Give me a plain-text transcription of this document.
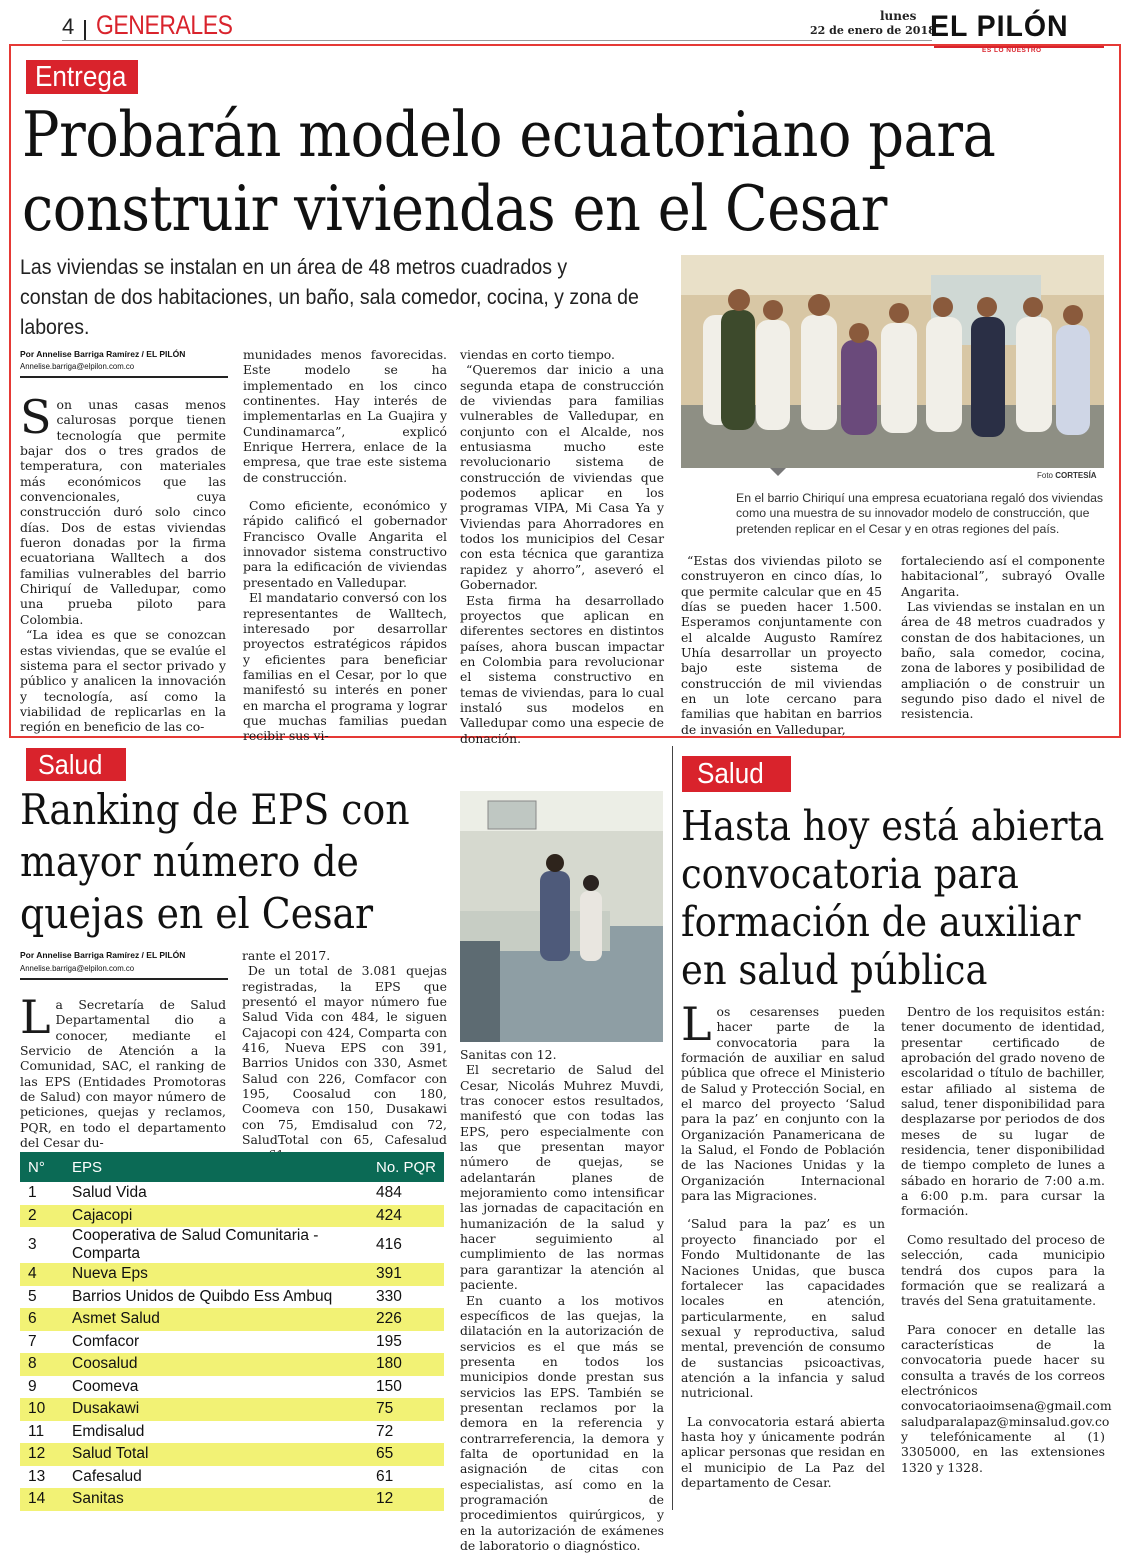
4 GENERALES	lunes
22 de enero de 2018
EL PILÓN
ES LO NUESTRO
Entrega
Probarán modelo ecuatoriano para
construir viviendas en el Cesar
Las viviendas se instalan en un área de 48 metros cuadrados y
constan de dos habitaciones, un baño, sala comedor, cocina, y zona de
labores.
Foto CORTESÍA
En el barrio Chiriquí una empresa ecuatoriana regaló dos viviendas como una muestra de su innovador modelo de construcción, que pretenden replicar en el Cesar y en otras regiones del país.
Por Annelise Barriga Ramírez / EL PILÓN
Annelise.barriga@elpilon.com.co
S on unas casas menos calurosas porque tienen tecnología que permite bajar dos o tres grados de temperatura, con materiales más económicos que las convencionales, cuya construcción duró solo cinco días. Dos de estas viviendas fueron donadas por la firma ecuatoriana Walltech a dos familias vulnerables del barrio Chiriquí de Valledupar, como una prueba piloto para Colombia.

“La idea es que se conozcan estas viviendas, que se evalúe el sistema para el sector privado y público y analicen la innovación y tecnología, así como la viabilidad de replicarlas en la región en beneficio de las co-

munidades menos favorecidas. Este modelo se ha implementado en los cinco continentes. Hay interés de implementarlas en La Guajira y Cundinamarca”, explicó Enrique Herrera, enlace de la empresa, que trae este sistema de construcción.

Como eficiente, económico y rápido calificó el gobernador Francisco Ovalle Angarita el innovador sistema constructivo para la edificación de viviendas presentado en Valledupar.

El mandatario conversó con los representantes de Walltech, interesado por desarrollar proyectos estratégicos rápidos y eficientes para beneficiar familias en el Cesar, por lo que manifestó su interés en poner en marcha el programa y lograr que muchas familias puedan recibir sus vi-

viendas en corto tiempo.

“Queremos dar inicio a una segunda etapa de construcción de viviendas para familias vulnerables de Valledupar, en conjunto con el Alcalde, nos entusiasma mucho este revolucionario sistema de construcción de viviendas que podemos aplicar en los programas VIPA, Mi Casa Ya y Viviendas para Ahorradores en todos los municipios del Cesar con esta técnica que garantiza rapidez y ahorro”, aseveró el Gobernador.

Esta firma ha desarrollado proyectos que aplican en diferentes sectores en distintos países, ahora buscan impactar en Colombia para revolucionar el sistema constructivo en temas de viviendas, para lo cual instaló sus modelos en Valledupar como una especie de donación.

“Estas dos viviendas piloto se construyeron en cinco días, lo que permite calcular que en 45 días se pueden hacer 1.500. Esperamos conjuntamente con el alcalde Augusto Ramírez Uhía desarrollar un proyecto bajo este sistema de construcción de mil viviendas en un lote cercano para familias que habitan en barrios de invasión en Valledupar,

fortaleciendo así el componente habitacional”, subrayó Ovalle Angarita.

Las viviendas se instalan en un área de 48 metros cuadrados y constan de dos habitaciones, un baño, sala comedor, cocina, zona de labores y posibilidad de ampliación o de construir un segundo piso dado el nivel de resistencia.

Salud
Ranking de EPS con
mayor número de
quejas en el Cesar
Por Annelise Barriga Ramírez / EL PILÓN
Annelise.barriga@elpilon.com.co
L a Secretaría de Salud Departamental dio a conocer, mediante el Servicio de Atención a la Comunidad, SAC, el ranking de las EPS (Entidades Promotoras de Salud) con mayor número de peticiones, quejas y reclamos, PQR, en todo el departamento del Cesar du-

rante el 2017.

De un total de 3.081 quejas registradas, la EPS que presentó el mayor número fue Salud Vida con 484, le siguen Cajacopi con 424, Comparta con 416, Nueva EPS con 391, Barrios Unidos con 330, Asmet Salud con 226, Comfacor con 195, Coosalud con 180, Coomeva con 150, Dusakawi con 75, Emdisalud con 72, SaludTotal con 65, Cafesalud

Sanitas con 12.

El secretario de Salud del Cesar, Nicolás Muhrez Muvdi, tras conocer estos resultados, manifestó que con todas las EPS, pero especialmente con las que presentan mayor número de quejas, se adelantarán planes de mejoramiento como intensificar las jornadas de capacitación en humanización de la salud y hacer seguimiento al cumplimiento de las normas para garantizar la atención al paciente.

En cuanto a los motivos específicos de las quejas, la dilatación en la autorización de servicios es el que más se presenta en todos los municipios donde prestan sus servicios las EPS. También se presentan reclamos por la demora en la referencia y contrarreferencia, la demora y falta de oportunidad en la asignación de citas con especialistas, así como en la programación de procedimientos quirúrgicos, y en la autorización de exámenes de laboratorio o diagnóstico.

N°	EPS	No. PQR
1	Salud Vida	484
2	Cajacopi	424
3	Cooperativa de Salud Comunitaria - Comparta	416
4	Nueva Eps	391
5	Barrios Unidos de Quibdo Ess Ambuq	330
6	Asmet Salud	226
7	Comfacor	195
8	Coosalud	180
9	Coomeva	150
10	Dusakawi	75
11	Emdisalud	72
12	Salud Total	65
13	Cafesalud	61
14	Sanitas	12
Salud
Hasta hoy está abierta
convocatoria para
formación de auxiliar
en salud pública
L os cesarenses pueden hacer parte de la convocatoria para la formación de auxiliar en salud pública que ofrece el Ministerio de Salud y Protección Social, en el marco del proyecto ‘Salud para la paz’ en conjunto con la Organización Panamericana de la Salud, el Fondo de Población de las Naciones Unidas y la Organización Internacional para las Migraciones.

‘Salud para la paz’ es un proyecto financiado por el Fondo Multidonante de las Naciones Unidas, que busca fortalecer las capacidades locales en atención, particularmente, en salud sexual y reproductiva, salud mental, prevención de consumo de sustancias psicoactivas, atención a la infancia y salud nutricional.

La convocatoria estará abierta hasta hoy y únicamente podrán aplicar personas que residan en el municipio de La Paz del departamento de Cesar.

Dentro de los requisitos están: tener documento de identidad, presentar certificado de aprobación del grado noveno de escolaridad o título de bachiller, estar afiliado al sistema de salud, tener disponibilidad para desplazarse por periodos de dos meses de su lugar de residencia, tener disponibilidad de tiempo completo de lunes a sábado en horario de 7:00 a.m. a 6:00 p.m. para cursar la formación.

Como resultado del proceso de selección, cada municipio tendrá dos cupos para la formación que se realizará a través del Sena gratuitamente.

Para conocer en detalle las características de la convocatoria puede hacer su consulta a través de los correos electrónicos convocatoriaoimsena@gmail.com saludparalapaz@minsalud.gov.co y telefónicamente al (1) 3305000, en las extensiones 1320 y 1328.
